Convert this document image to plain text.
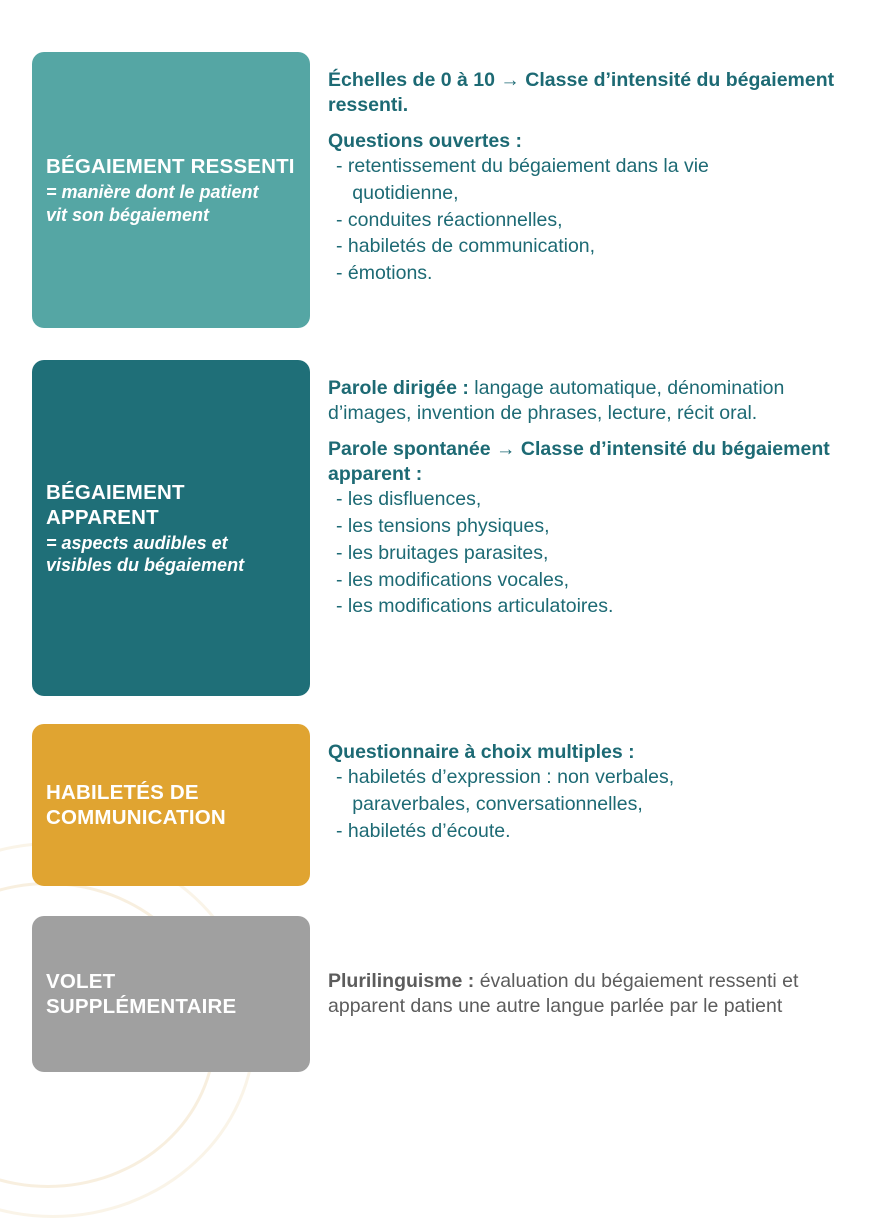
BÉGAIEMENT RESSENTI
= manière dont le patient
vit son bégaiement
Échelles de 0 à 10 → Classe d’intensité du bégaiement ressenti.
Questions ouvertes :
- retentissement du bégaiement dans la vie
quotidienne,
- conduites réactionnelles,
- habiletés de communication,
- émotions.
BÉGAIEMENT
APPARENT
= aspects audibles et
visibles du bégaiement
Parole dirigée : langage automatique, dénomination d’images, invention de phrases, lecture, récit oral.
Parole spontanée → Classe d’intensité du bégaiement apparent :
- les disfluences,
- les tensions physiques,
- les bruitages parasites,
- les modifications vocales,
- les modifications articulatoires.
HABILETÉS DE
COMMUNICATION
Questionnaire à choix multiples :
- habiletés d’expression : non verbales,
paraverbales, conversationnelles,
- habiletés d’écoute.
VOLET
SUPPLÉMENTAIRE
Plurilinguisme : évaluation du bégaiement ressenti et apparent dans une autre langue parlée par le patient
